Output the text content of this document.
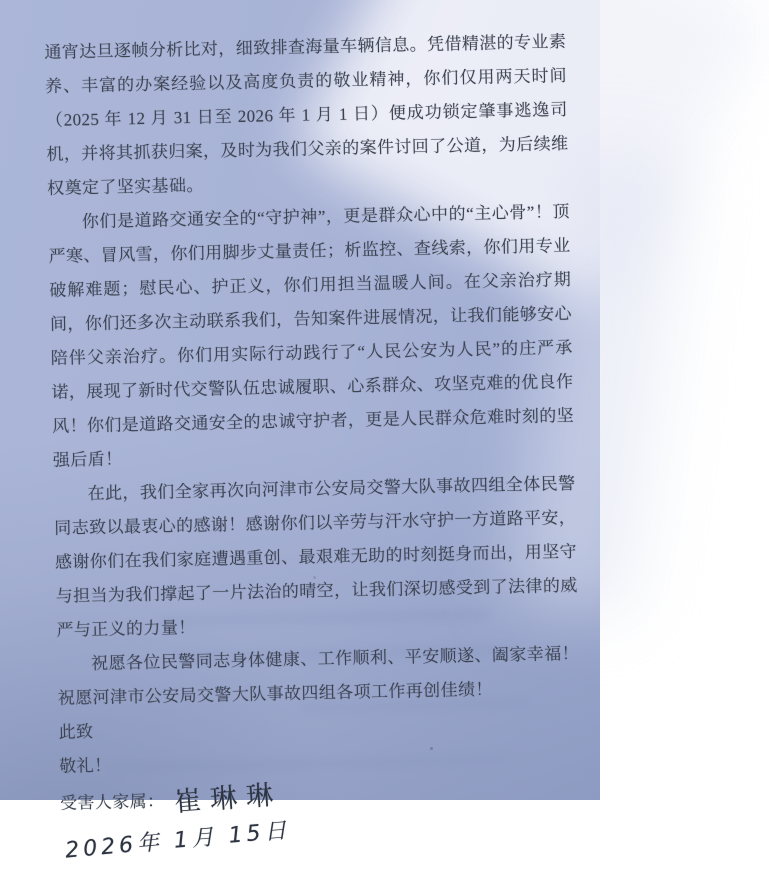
通宵达旦逐帧分析比对，细致排查海量车辆信息。凭借精湛的专业素养、丰富的办案经验以及高度负责的敬业精神，你们仅用两天时间（2025 年 12 月 31 日至 2026 年 1 月 1 日）便成功锁定肇事逃逸司机，并将其抓获归案，及时为我们父亲的案件讨回了公道，为后续维权奠定了坚实基础。

你们是道路交通安全的“守护神”，更是群众心中的“主心骨”！顶严寒、冒风雪，你们用脚步丈量责任；析监控、查线索，你们用专业破解难题；慰民心、护正义，你们用担当温暖人间。在父亲治疗期间，你们还多次主动联系我们，告知案件进展情况，让我们能够安心陪伴父亲治疗。你们用实际行动践行了“人民公安为人民”的庄严承诺，展现了新时代交警队伍忠诚履职、心系群众、攻坚克难的优良作风！你们是道路交通安全的忠诚守护者，更是人民群众危难时刻的坚强后盾！

在此，我们全家再次向河津市公安局交警大队事故四组全体民警同志致以最衷心的感谢！感谢你们以辛劳与汗水守护一方道路平安，感谢你们在我们家庭遭遇重创、最艰难无助的时刻挺身而出，用坚守与担当为我们撑起了一片法治的晴空，让我们深切感受到了法律的威严与正义的力量！

祝愿各位民警同志身体健康、工作顺利、平安顺遂、阖家幸福！祝愿河津市公安局交警大队事故四组各项工作再创佳绩！

此致

敬礼！

受害人家属： 崔琳琳

2026年 1月 15日
